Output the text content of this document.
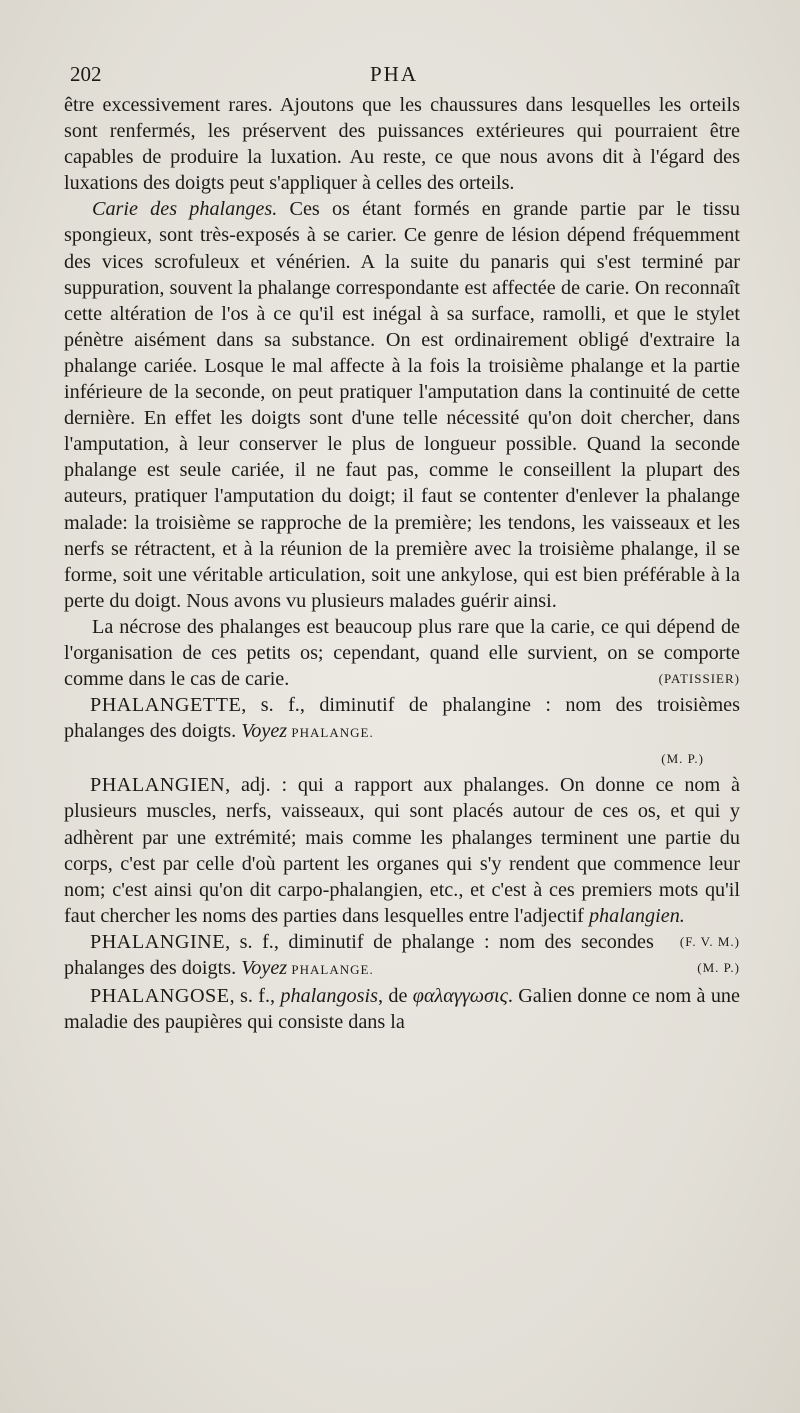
202	PHA

être excessivement rares. Ajoutons que les chaussures dans lesquelles les orteils sont renfermés, les préservent des puissances extérieures qui pourraient être capables de produire la luxation. Au reste, ce que nous avons dit à l'égard des luxations des doigts peut s'appliquer à celles des orteils.

Carie des phalanges. Ces os étant formés en grande partie par le tissu spongieux, sont très-exposés à se carier. Ce genre de lésion dépend fréquemment des vices scrofuleux et vénérien. A la suite du panaris qui s'est terminé par suppuration, souvent la phalange correspondante est affectée de carie. On reconnaît cette altération de l'os à ce qu'il est inégal à sa surface, ramolli, et que le stylet pénètre aisément dans sa substance. On est ordinairement obligé d'extraire la phalange cariée. Losque le mal affecte à la fois la troisième phalange et la partie inférieure de la seconde, on peut pratiquer l'amputation dans la continuité de cette dernière. En effet les doigts sont d'une telle nécessité qu'on doit chercher, dans l'amputation, à leur conserver le plus de longueur possible. Quand la seconde phalange est seule cariée, il ne faut pas, comme le conseillent la plupart des auteurs, pratiquer l'amputation du doigt; il faut se contenter d'enlever la phalange malade: la troisième se rapproche de la première; les tendons, les vaisseaux et les nerfs se rétractent, et à la réunion de la première avec la troisième phalange, il se forme, soit une véritable articulation, soit une ankylose, qui est bien préférable à la perte du doigt. Nous avons vu plusieurs malades guérir ainsi.

La nécrose des phalanges est beaucoup plus rare que la carie, ce qui dépend de l'organisation de ces petits os; cependant, quand elle survient, on se comporte comme dans le cas de carie.	(PATISSIER)

PHALANGETTE, s. f., diminutif de phalangine : nom des troisièmes phalanges des doigts. Voyez PHALANGE.

(M. P.)

PHALANGIEN, adj. : qui a rapport aux phalanges. On donne ce nom à plusieurs muscles, nerfs, vaisseaux, qui sont placés autour de ces os, et qui y adhèrent par une extrémité; mais comme les phalanges terminent une partie du corps, c'est par celle d'où partent les organes qui s'y rendent que commence leur nom; c'est ainsi qu'on dit carpo-phalangien, etc., et c'est à ces premiers mots qu'il faut chercher les noms des parties dans lesquelles entre l'adjectif phalangien.
(F. V. M.)

PHALANGINE, s. f., diminutif de phalange : nom des secondes phalanges des doigts. Voyez PHALANGE.	(M. P.)

PHALANGOSE, s. f., phalangosis, de φαλαγγωσις. Galien donne ce nom à une maladie des paupières qui consiste dans la
